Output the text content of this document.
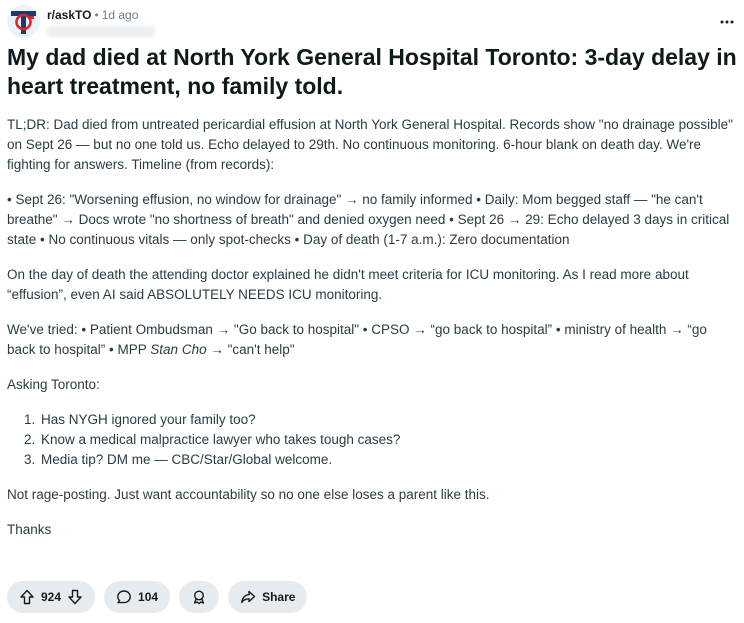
r/askTO • 1d ago
My dad died at North York General Hospital Toronto: 3-day delay in heart treatment, no family told.

TL;DR: Dad died from untreated pericardial effusion at North York General Hospital. Records show "no drainage possible" on Sept 26 — but no one told us. Echo delayed to 29th. No continuous monitoring. 6-hour blank on death day. We're fighting for answers. Timeline (from records):

• Sept 26: "Worsening effusion, no window for drainage" → no family informed • Daily: Mom begged staff — "he can't breathe" → Docs wrote "no shortness of breath" and denied oxygen need • Sept 26 → 29: Echo delayed 3 days in critical state • No continuous vitals — only spot-checks • Day of death (1-7 a.m.): Zero documentation

On the day of death the attending doctor explained he didn't meet criteria for ICU monitoring. As I read more about “effusion”, even AI said ABSOLUTELY NEEDS ICU monitoring.

We've tried: • Patient Ombudsman → "Go back to hospital" • CPSO → “go back to hospital” • ministry of health → “go back to hospital” • MPP Stan Cho → "can't help"

Asking Toronto:

1. Has NYGH ignored your family too?
2. Know a medical malpractice lawyer who takes tough cases?
3. Media tip? DM me — CBC/Star/Global welcome.

Not rage-posting. Just want accountability so no one else loses a parent like this.

Thanks

924	104	Share
